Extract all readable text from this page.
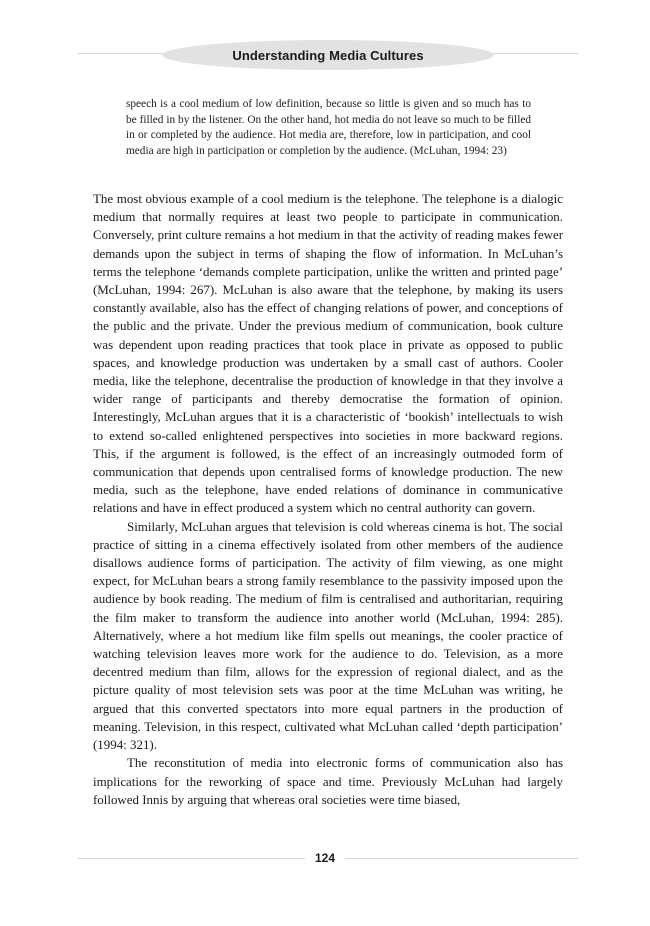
Understanding Media Cultures
speech is a cool medium of low definition, because so little is given and so much has to be filled in by the listener. On the other hand, hot media do not leave so much to be filled in or completed by the audience. Hot media are, therefore, low in participation, and cool media are high in participation or completion by the audience. (McLuhan, 1994: 23)

The most obvious example of a cool medium is the telephone. The telephone is a dialogic medium that normally requires at least two people to participate in communication. Conversely, print culture remains a hot medium in that the activity of reading makes fewer demands upon the subject in terms of shaping the flow of information. In McLuhan’s terms the telephone ‘demands complete participation, unlike the written and printed page’ (McLuhan, 1994: 267). McLuhan is also aware that the telephone, by making its users constantly available, also has the effect of changing relations of power, and conceptions of the public and the private. Under the previous medium of communication, book culture was dependent upon reading practices that took place in private as opposed to public spaces, and knowledge production was undertaken by a small cast of authors. Cooler media, like the telephone, decentralise the production of knowledge in that they involve a wider range of participants and thereby democratise the formation of opinion. Interestingly, McLuhan argues that it is a characteristic of ‘bookish’ intellectuals to wish to extend so-called enlightened perspectives into societies in more backward regions. This, if the argument is followed, is the effect of an increasingly outmoded form of communication that depends upon centralised forms of knowledge production. The new media, such as the telephone, have ended relations of dominance in communicative relations and have in effect produced a system which no central authority can govern.

Similarly, McLuhan argues that television is cold whereas cinema is hot. The social practice of sitting in a cinema effectively isolated from other members of the audience disallows audience forms of participation. The activity of film viewing, as one might expect, for McLuhan bears a strong family resemblance to the passivity imposed upon the audience by book reading. The medium of film is centralised and authoritarian, requiring the film maker to transform the audience into another world (McLuhan, 1994: 285). Alternatively, where a hot medium like film spells out meanings, the cooler practice of watching television leaves more work for the audience to do. Television, as a more decentred medium than film, allows for the expression of regional dialect, and as the picture quality of most television sets was poor at the time McLuhan was writing, he argued that this converted spectators into more equal partners in the production of meaning. Television, in this respect, cultivated what McLuhan called ‘depth participation’ (1994: 321).

The reconstitution of media into electronic forms of communication also has implications for the reworking of space and time. Previously McLuhan had largely followed Innis by arguing that whereas oral societies were time biased,

124
